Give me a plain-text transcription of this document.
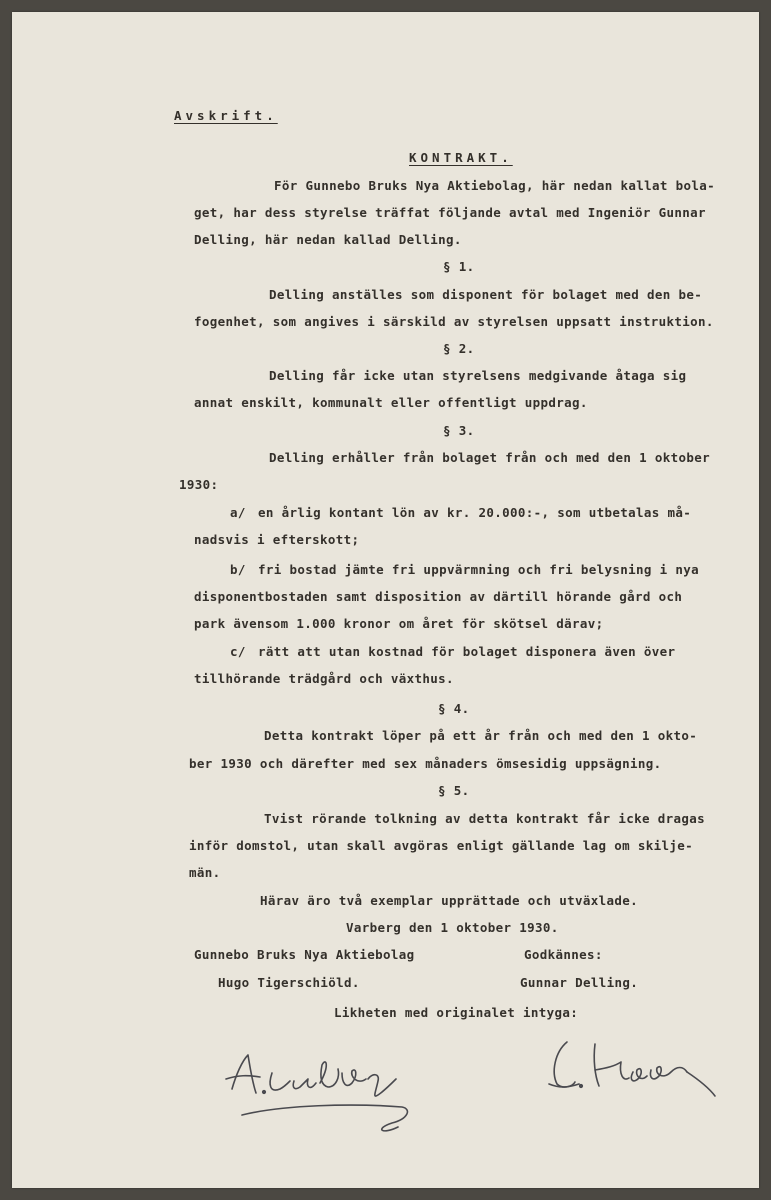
Avskrift.
KONTRAKT.
För Gunnebo Bruks Nya Aktiebolag, här nedan kallat bola-
get, har dess styrelse träffat följande avtal med Ingeniör Gunnar
Delling, här nedan kallad Delling.
§ 1.
Delling anställes som disponent för bolaget med den be-
fogenhet, som angives i särskild av styrelsen uppsatt instruktion.
§ 2.
Delling får icke utan styrelsens medgivande åtaga sig
annat enskilt, kommunalt eller offentligt uppdrag.
§ 3.
Delling erhåller från bolaget från och med den 1 oktober
1930:
a/ en årlig kontant lön av kr. 20.000:-, som utbetalas må-
nadsvis i efterskott;
b/ fri bostad jämte fri uppvärmning och fri belysning i nya
disponentbostaden samt disposition av därtill hörande gård och
park ävensom 1.000 kronor om året för skötsel därav;
c/ rätt att utan kostnad för bolaget disponera även över
tillhörande trädgård och växthus.
§ 4.
Detta kontrakt löper på ett år från och med den 1 okto-
ber 1930 och därefter med sex månaders ömsesidig uppsägning.
§ 5.
Tvist rörande tolkning av detta kontrakt får icke dragas
inför domstol, utan skall avgöras enligt gällande lag om skilje-
män.
Härav äro två exemplar upprättade och utväxlade.
Varberg den 1 oktober 1930.
Gunnebo Bruks Nya Aktiebolag	Godkännes:
Hugo Tigerschiöld.	Gunnar Delling.
Likheten med originalet intyga:
